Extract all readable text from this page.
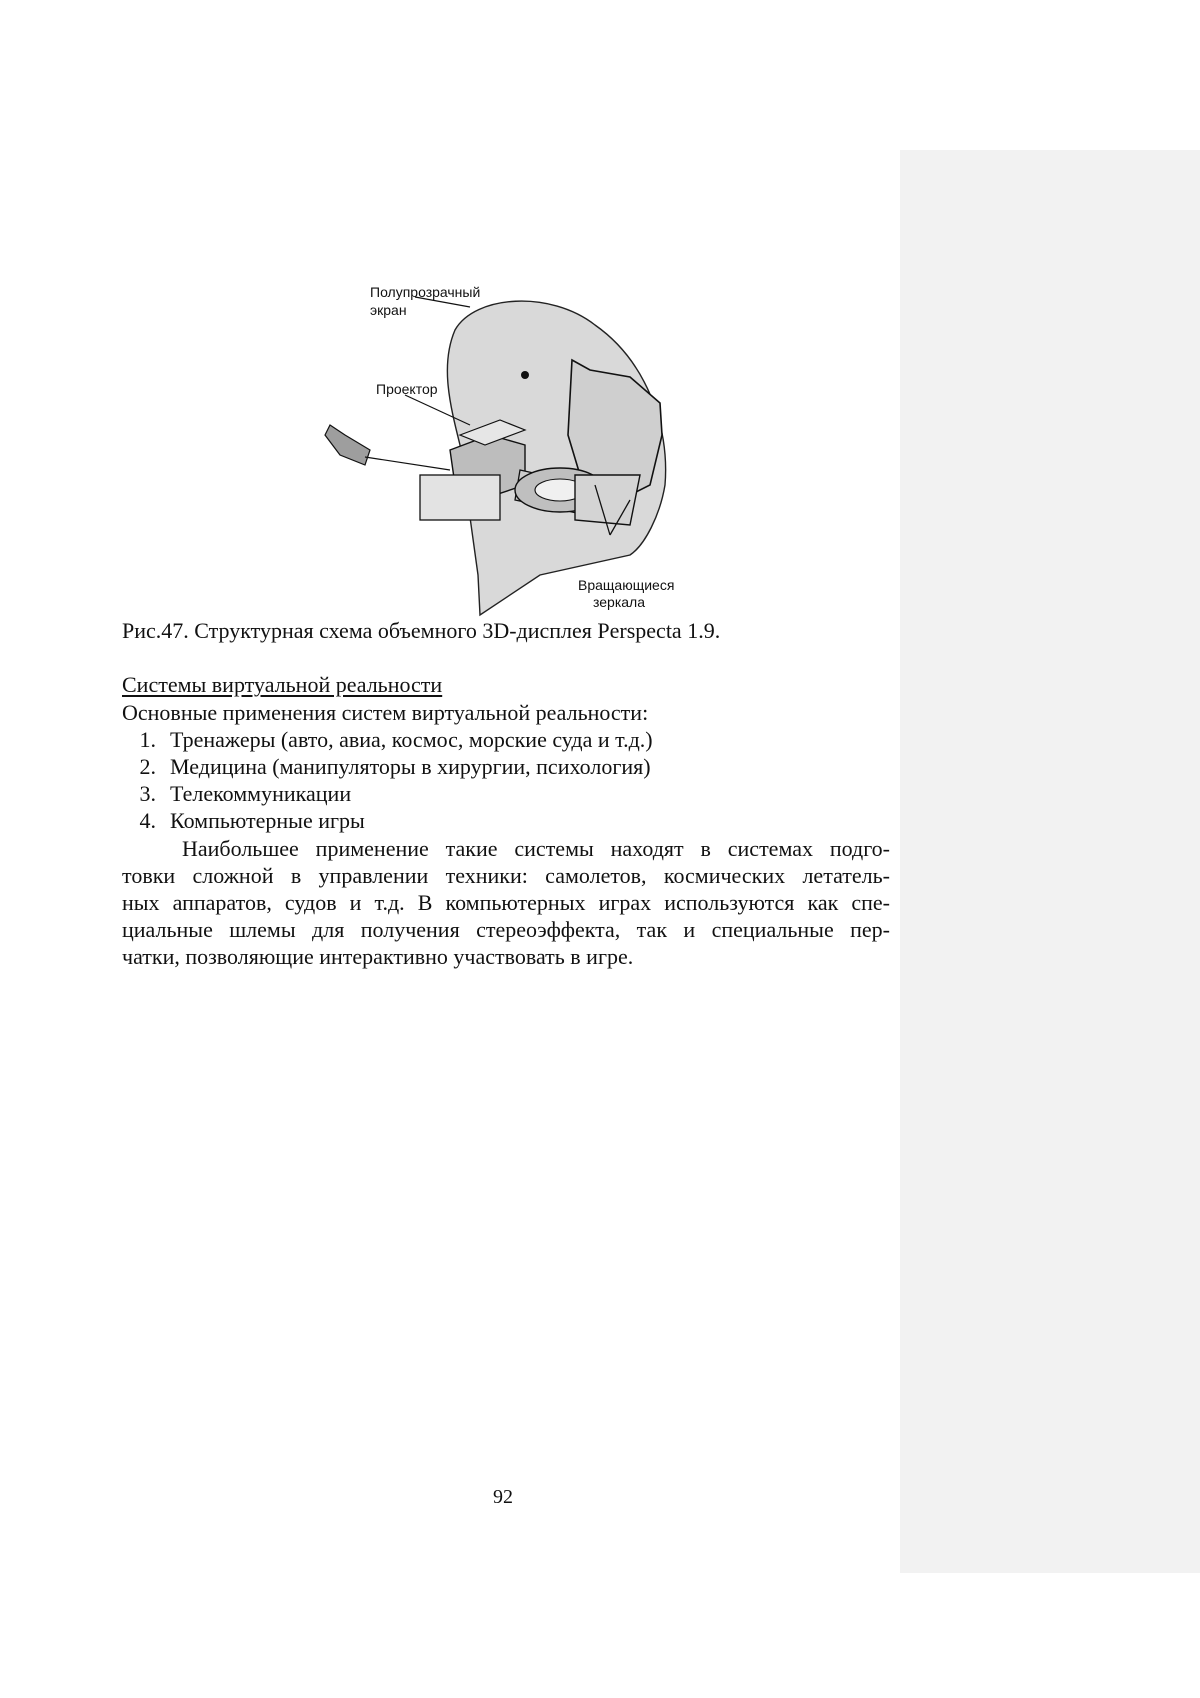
Полупрозрачный
экран
Проектор
Вращающиеся
зеркала
Рис.47. Структурная схема объемного 3D-дисплея Perspecta 1.9.
Системы виртуальной реальности
Основные применения систем виртуальной реальности:
1. Тренажеры (авто, авиа, космос, морские суда и т.д.)
2. Медицина (манипуляторы в хирургии, психология)
3. Телекоммуникации
4. Компьютерные игры
Наибольшее применение такие системы находят в системах подго-
товки сложной в управлении техники: самолетов, космических летатель-
ных аппаратов, судов и т.д. В компьютерных играх используются как спе-
циальные шлемы для получения стереоэффекта, так и специальные пер-
чатки, позволяющие интерактивно участвовать в игре.
92
